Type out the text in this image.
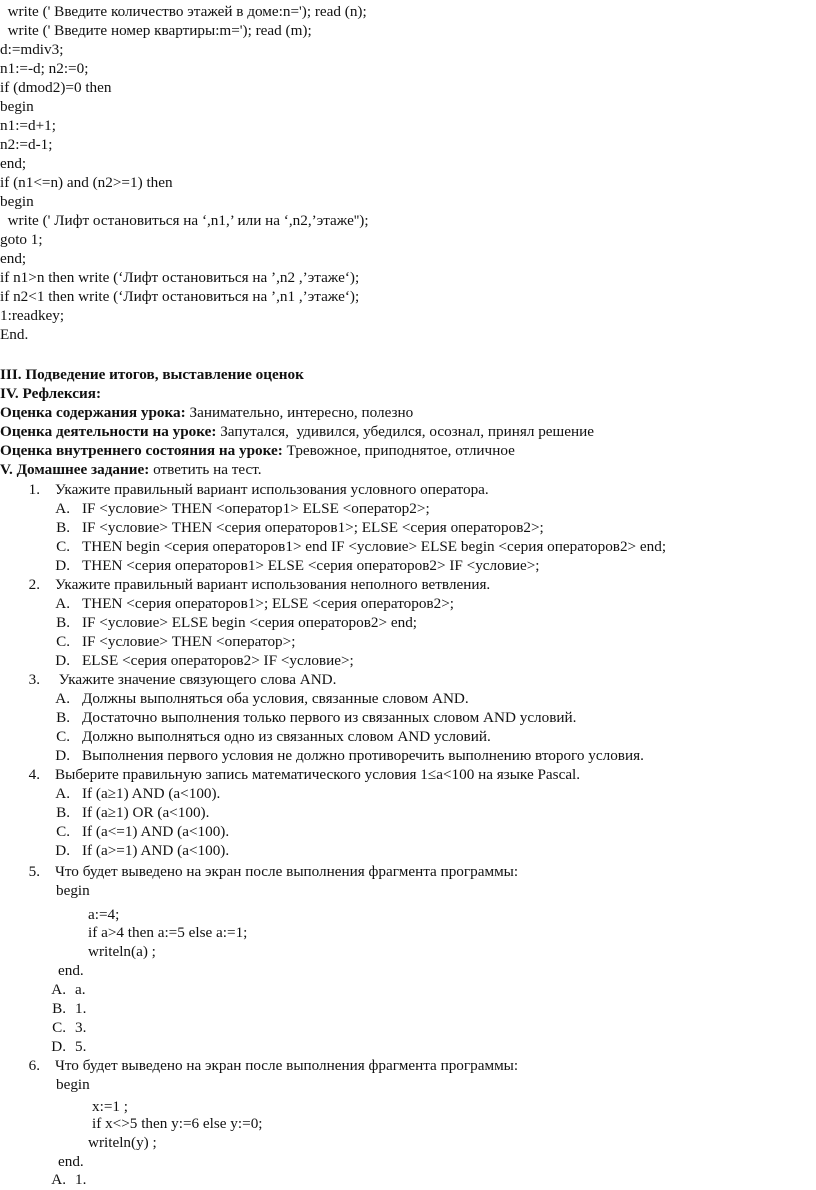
write (' Введите количество этажей в доме:n='); read (n);
write (' Введите номер квартиры:m='); read (m);
d:=mdiv3;
n1:=-d; n2:=0;
if (dmod2)=0 then
begin
n1:=d+1;
n2:=d-1;
end;
if (n1<=n) and (n2>=1) then
begin
write (' Лифт остановиться на ‘,n1,’ или на ‘,n2,’этаже'');
goto 1;
end;
if n1>n then write (‘Лифт остановиться на ’,n2 ,’этаже‘);
if n2<1 then write (‘Лифт остановиться на ’,n1 ,’этаже‘);
1:readkey;
End.
III. Подведение итогов, выставление оценок
IV. Рефлексия:
Оценка содержания урока: Занимательно, интересно, полезно
Оценка деятельности на уроке: Запутался,  удивился, убедился, осознал, принял решение
Оценка внутреннего состояния на уроке: Тревожное, приподнятое, отличное
V. Домашнее задание: ответить на тест.
1. Укажите правильный вариант использования условного оператора.
A. IF <условие> THEN <оператор1> ELSE <оператор2>;
B. IF <условие> THEN <серия операторов1>; ELSE <серия операторов2>;
C. THEN begin <серия операторов1> end IF <условие> ELSE begin <серия операторов2> end;
D. THEN <серия операторов1> ELSE <серия операторов2> IF <условие>;
2. Укажите правильный вариант использования неполного ветвления.
A. THEN <серия операторов1>; ELSE <серия операторов2>;
B. IF <условие> ELSE begin <серия операторов2> end;
C. IF <условие> THEN <оператор>;
D. ELSE <серия операторов2> IF <условие>;
3. Укажите значение связующего слова AND.
A. Должны выполняться оба условия, связанные словом AND.
B. Достаточно выполнения только первого из связанных словом AND условий.
C. Должно выполняться одно из связанных словом AND условий.
D. Выполнения первого условия не должно противоречить выполнению второго условия.
4. Выберите правильную запись математического условия 1≤a<100 на языке Pascal.
A. If (a≥1) AND (a<100).
B. If (a≥1) OR (a<100).
C. If (a<=1) AND (a<100).
D. If (a>=1) AND (a<100).
5. Что будет выведено на экран после выполнения фрагмента программы:
begin
a:=4;
if a>4 then a:=5 else a:=1;
writeln(a) ;
end.
A. a.
B. 1.
C. 3.
D. 5.
6. Что будет выведено на экран после выполнения фрагмента программы:
begin
x:=1 ;
if x<>5 then y:=6 else y:=0;
writeln(y) ;
end.
A. 1.
